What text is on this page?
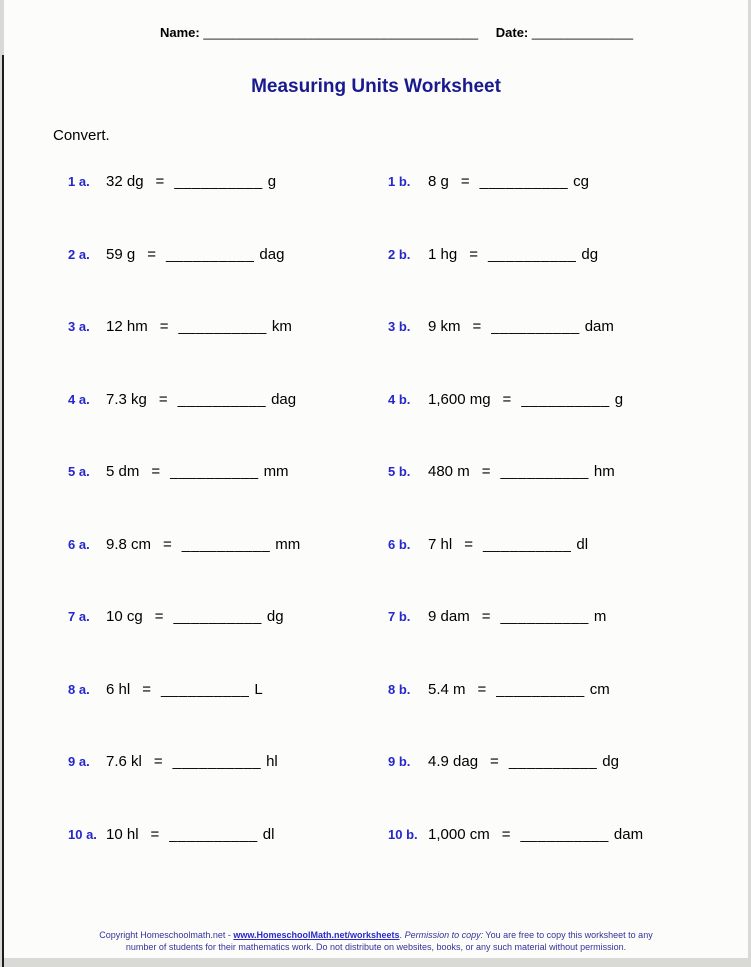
Name: ______________________________________ Date: ______________
Measuring Units Worksheet
Convert.
1 a.	32 dg = __________ g	1 b.	8 g = __________ cg
2 a.	59 g = __________ dag	2 b.	1 hg = __________ dg
3 a.	12 hm = __________ km	3 b.	9 km = __________ dam
4 a.	7.3 kg = __________ dag	4 b.	1,600 mg = __________ g
5 a.	5 dm = __________ mm	5 b.	480 m = __________ hm
6 a.	9.8 cm = __________ mm	6 b.	7 hl = __________ dl
7 a.	10 cg = __________ dg	7 b.	9 dam = __________ m
8 a.	6 hl = __________ L	8 b.	5.4 m = __________ cm
9 a.	7.6 kl = __________ hl	9 b.	4.9 dag = __________ dg
10 a. 10 hl = __________ dl	10 b. 1,000 cm = __________ dam
Copyright Homeschoolmath.net - www.HomeschoolMath.net/worksheets. Permission to copy: You are free to copy this worksheet to any
number of students for their mathematics work. Do not distribute on websites, books, or any such material without permission.
